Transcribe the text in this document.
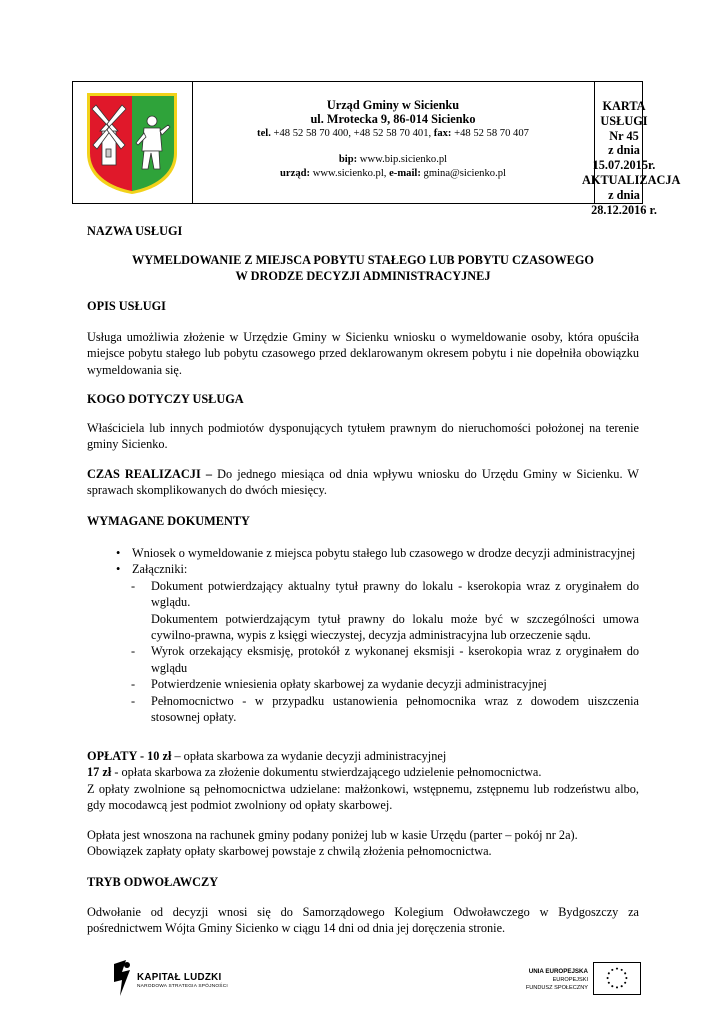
Urząd Gminy w Sicienku
ul. Mrotecka 9, 86-014 Sicienko
tel. +48 52 58 70 400, +48 52 58 70 401, fax: +48 52 58 70 407
bip: www.bip.sicienko.pl
urząd: www.sicienko.pl, e-mail: gmina@sicienko.pl
KARTA USŁUGI
Nr 45
z dnia
15.07.2015r.
AKTUALIZACJA
z dnia
28.12.2016 r.
NAZWA USŁUGI
WYMELDOWANIE Z MIEJSCA POBYTU STAŁEGO LUB POBYTU CZASOWEGO
W DRODZE DECYZJI ADMINISTRACYJNEJ
OPIS USŁUGI
Usługa umożliwia złożenie w Urzędzie Gminy w Sicienku wniosku o wymeldowanie osoby, która opuściła miejsce pobytu stałego lub pobytu czasowego przed deklarowanym okresem pobytu i nie dopełniła obowiązku wymeldowania się.
KOGO DOTYCZY USŁUGA
Właściciela lub innych podmiotów dysponujących tytułem prawnym do nieruchomości położonej na terenie gminy Sicienko.
CZAS REALIZACJI – Do jednego miesiąca od dnia wpływu wniosku do Urzędu Gminy w Sicienku. W sprawach skomplikowanych do dwóch miesięcy.
WYMAGANE DOKUMENTY
• Wniosek o wymeldowanie z miejsca pobytu stałego lub czasowego w drodze decyzji administracyjnej
• Załączniki:
- Dokument potwierdzający aktualny tytuł prawny do lokalu - kserokopia wraz z oryginałem do wglądu.
Dokumentem potwierdzającym tytuł prawny do lokalu może być w szczególności umowa cywilno-prawna, wypis z księgi wieczystej, decyzja administracyjna lub orzeczenie sądu.
- Wyrok orzekający eksmisję, protokół z wykonanej eksmisji - kserokopia wraz z oryginałem do wglądu
- Potwierdzenie wniesienia opłaty skarbowej za wydanie decyzji administracyjnej
- Pełnomocnictwo - w przypadku ustanowienia pełnomocnika wraz z dowodem uiszczenia stosownej opłaty.
OPŁATY - 10 zł – opłata skarbowa za wydanie decyzji administracyjnej
17 zł - opłata skarbowa za złożenie dokumentu stwierdzającego udzielenie pełnomocnictwa.
Z opłaty zwolnione są pełnomocnictwa udzielane: małżonkowi, wstępnemu, zstępnemu lub rodzeństwu albo, gdy mocodawcą jest podmiot zwolniony od opłaty skarbowej.
Opłata jest wnoszona na rachunek gminy podany poniżej lub w kasie Urzędu (parter – pokój nr 2a).
Obowiązek zapłaty opłaty skarbowej powstaje z chwilą złożenia pełnomocnictwa.
TRYB ODWOŁAWCZY
Odwołanie od decyzji wnosi się do Samorządowego Kolegium Odwoławczego w Bydgoszczy za pośrednictwem Wójta Gminy Sicienko w ciągu 14 dni od dnia jej doręczenia stronie.
KAPITAŁ LUDZKI
NARODOWA STRATEGIA SPÓJNOŚCI
UNIA EUROPEJSKA
EUROPEJSKI
FUNDUSZ SPOŁECZNY
